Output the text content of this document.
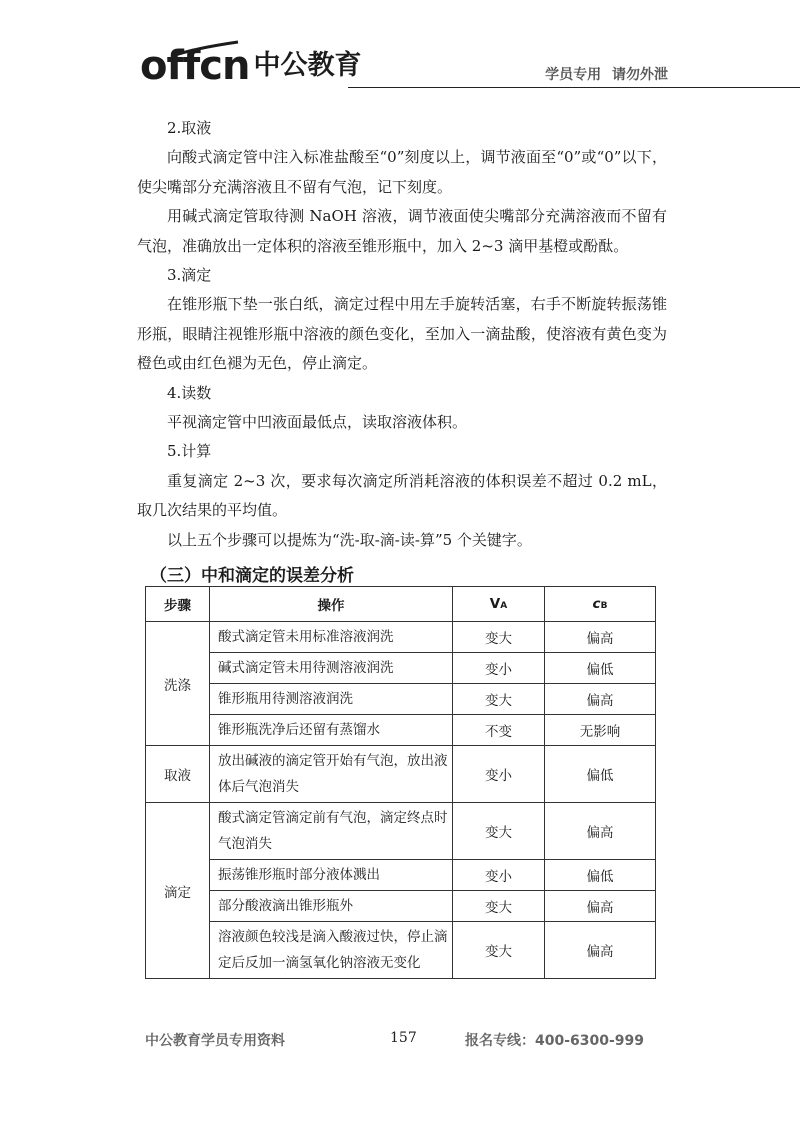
offcn 中公教育	学员专用 请勿外泄

2.取液

向酸式滴定管中注入标准盐酸至“0”刻度以上，调节液面至“0”或“0”以下，使尖嘴部分充满溶液且不留有气泡，记下刻度。

用碱式滴定管取待测 NaOH 溶液，调节液面使尖嘴部分充满溶液而不留有气泡，准确放出一定体积的溶液至锥形瓶中，加入 2~3 滴甲基橙或酚酞。

3.滴定

在锥形瓶下垫一张白纸，滴定过程中用左手旋转活塞，右手不断旋转振荡锥形瓶，眼睛注视锥形瓶中溶液的颜色变化，至加入一滴盐酸，使溶液有黄色变为橙色或由红色褪为无色，停止滴定。

4.读数

平视滴定管中凹液面最低点，读取溶液体积。

5.计算

重复滴定 2~3 次，要求每次滴定所消耗溶液的体积误差不超过 0.2 mL，取几次结果的平均值。

以上五个步骤可以提炼为“洗-取-滴-读-算”5 个关键字。

（三）中和滴定的误差分析
步骤	操作	VA	cB
洗涤	酸式滴定管未用标准溶液润洗	变大	偏高
	碱式滴定管未用待测溶液润洗	变小	偏低
	锥形瓶用待测溶液润洗	变大	偏高
	锥形瓶洗净后还留有蒸馏水	不变	无影响
取液	放出碱液的滴定管开始有气泡，放出液体后气泡消失	变小	偏低
滴定	酸式滴定管滴定前有气泡，滴定终点时气泡消失	变大	偏高
	振荡锥形瓶时部分液体溅出	变小	偏低
	部分酸液滴出锥形瓶外	变大	偏高
	溶液颜色较浅是滴入酸液过快，停止滴定后反加一滴氢氧化钠溶液无变化	变大	偏高
中公教育学员专用资料	157	报名专线：400-6300-999
